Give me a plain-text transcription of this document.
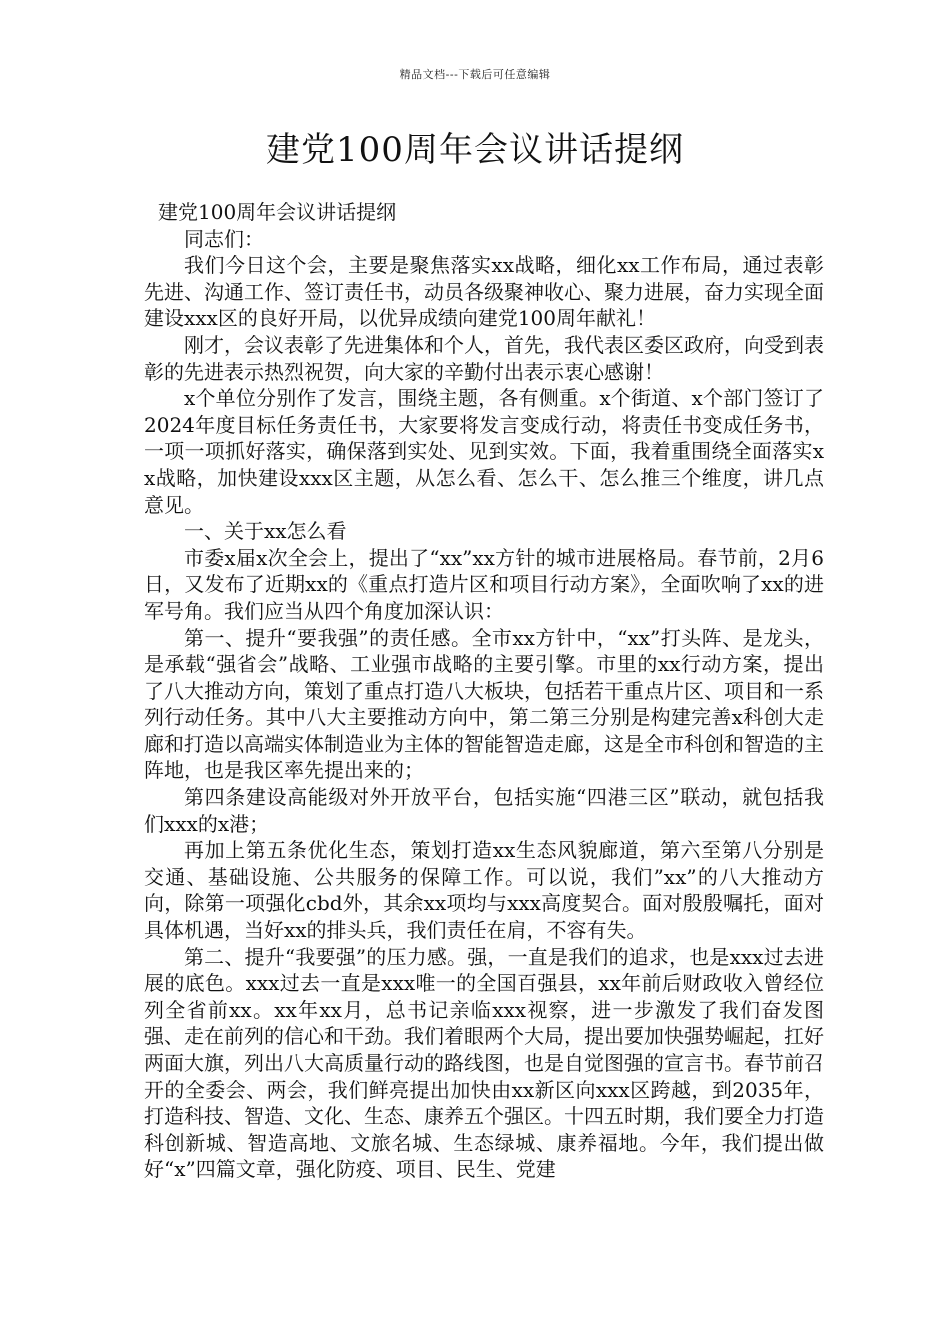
精品文档---下载后可任意编辑
建党100周年会议讲话提纲

建党100周年会议讲话提纲

同志们：

我们今日这个会，主要是聚焦落实xx战略，细化xx工作布局，通过表彰先进、沟通工作、签订责任书，动员各级聚神收心、聚力进展，奋力实现全面建设xxx区的良好开局，以优异成绩向建党100周年献礼！

刚才，会议表彰了先进集体和个人，首先，我代表区委区政府，向受到表彰的先进表示热烈祝贺，向大家的辛勤付出表示衷心感谢！

x个单位分别作了发言，围绕主题，各有侧重。x个街道、x个部门签订了2024年度目标任务责任书，大家要将发言变成行动，将责任书变成任务书，一项一项抓好落实，确保落到实处、见到实效。下面，我着重围绕全面落实xx战略，加快建设xxx区主题，从怎么看、怎么干、怎么推三个维度，讲几点意见。

一、关于xx怎么看

市委x届x次全会上，提出了“xx”xx方针的城市进展格局。春节前，2月6日，又发布了近期xx的《重点打造片区和项目行动方案》，全面吹响了xx的进军号角。我们应当从四个角度加深认识：

第一、提升“要我强”的责任感。全市xx方针中，“xx”打头阵、是龙头，是承载“强省会”战略、工业强市战略的主要引擎。市里的xx行动方案，提出了八大推动方向，策划了重点打造八大板块，包括若干重点片区、项目和一系列行动任务。其中八大主要推动方向中，第二第三分别是构建完善x科创大走廊和打造以高端实体制造业为主体的智能智造走廊，这是全市科创和智造的主阵地，也是我区率先提出来的；

第四条建设高能级对外开放平台，包括实施“四港三区”联动，就包括我们xxx的x港；

再加上第五条优化生态，策划打造xx生态风貌廊道，第六至第八分别是交通、基础设施、公共服务的保障工作。可以说，我们”xx”的八大推动方向，除第一项强化cbd外，其余xx项均与xxx高度契合。面对殷殷嘱托，面对具体机遇，当好xx的排头兵，我们责任在肩，不容有失。

第二、提升“我要强”的压力感。强，一直是我们的追求，也是xxx过去进展的底色。xxx过去一直是xxx唯一的全国百强县，xx年前后财政收入曾经位列全省前xx。xx年xx月，总书记亲临xxx视察，进一步激发了我们奋发图强、走在前列的信心和干劲。我们着眼两个大局，提出要加快强势崛起，扛好两面大旗，列出八大高质量行动的路线图，也是自觉图强的宣言书。春节前召开的全委会、两会，我们鲜亮提出加快由xx新区向xxx区跨越，到2035年，打造科技、智造、文化、生态、康养五个强区。十四五时期，我们要全力打造科创新城、智造高地、文旅名城、生态绿城、康养福地。今年，我们提出做好“x”四篇文章，强化防疫、项目、民生、党建
